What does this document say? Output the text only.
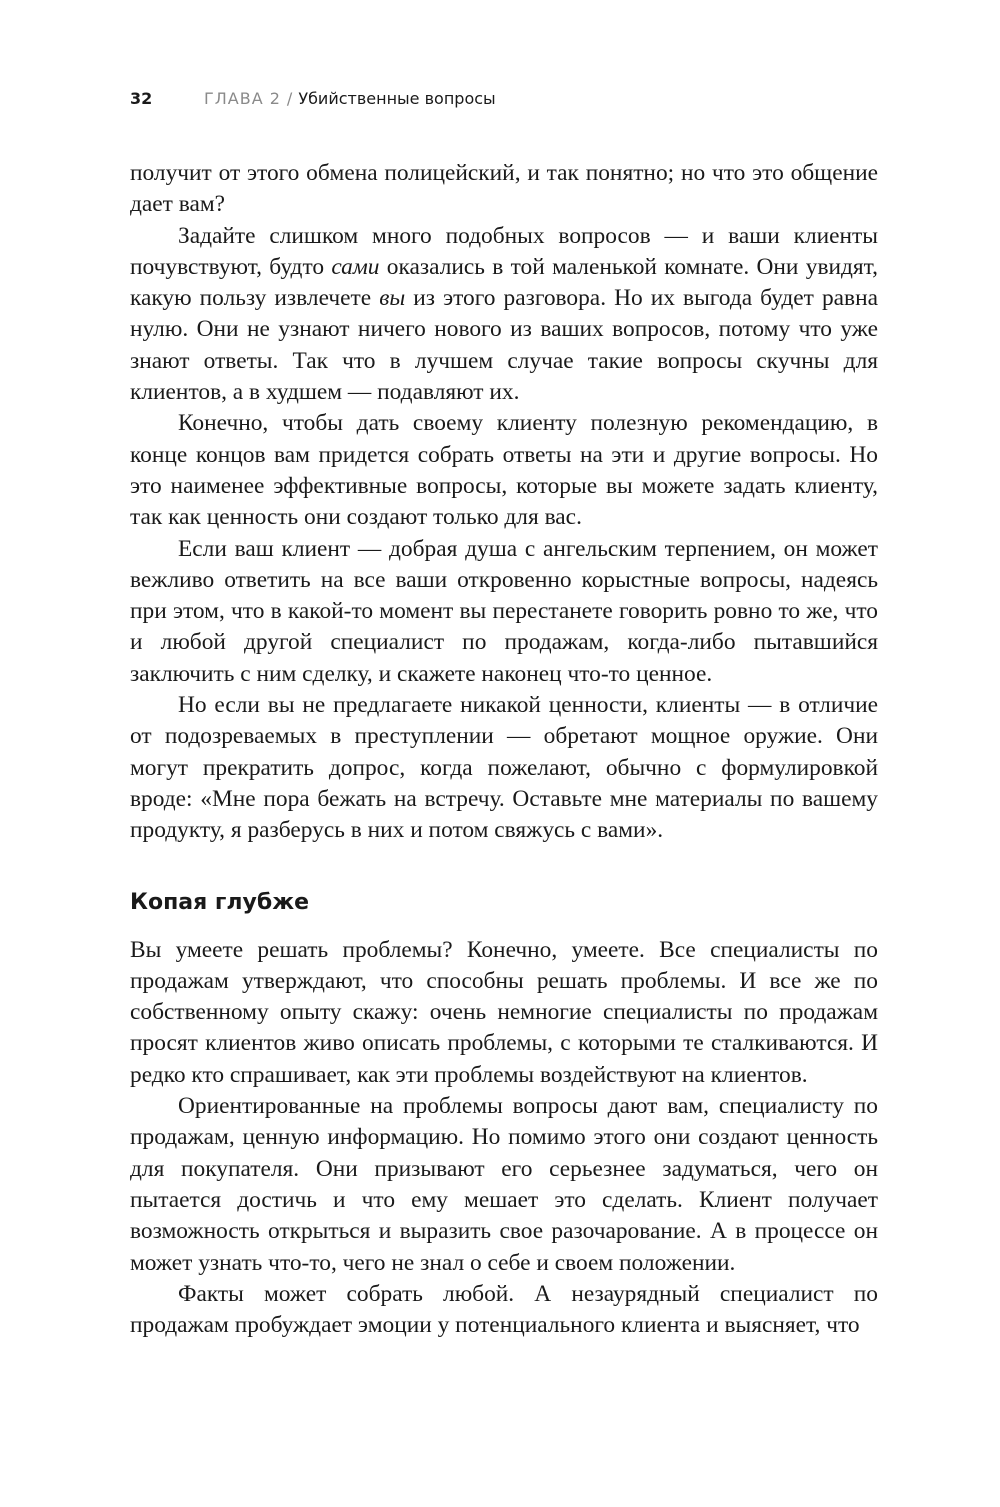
32	ГЛАВА 2 / Убийственные вопросы

получит от этого обмена полицейский, и так понятно; но что это общение дает вам?

Задайте слишком много подобных вопросов — и ваши клиенты почувствуют, будто сами оказались в той маленькой комнате. Они увидят, какую пользу извлечете вы из этого разговора. Но их выгода будет равна нулю. Они не узнают ничего нового из ваших вопросов, потому что уже знают ответы. Так что в лучшем случае такие вопросы скучны для клиентов, а в худшем — подавляют их.

Конечно, чтобы дать своему клиенту полезную рекомендацию, в конце концов вам придется собрать ответы на эти и другие вопросы. Но это наименее эффективные вопросы, которые вы можете задать клиенту, так как ценность они создают только для вас.

Если ваш клиент — добрая душа с ангельским терпением, он может вежливо ответить на все ваши откровенно корыстные вопросы, надеясь при этом, что в какой-то момент вы перестанете говорить ровно то же, что и любой другой специалист по продажам, когда-либо пытавшийся заключить с ним сделку, и скажете наконец что-то ценное.

Но если вы не предлагаете никакой ценности, клиенты — в отличие от подозреваемых в преступлении — обретают мощное оружие. Они могут прекратить допрос, когда пожелают, обычно с формулировкой вроде: «Мне пора бежать на встречу. Оставьте мне материалы по вашему продукту, я разберусь в них и потом свяжусь с вами».

Копая глубже

Вы умеете решать проблемы? Конечно, умеете. Все специалисты по продажам утверждают, что способны решать проблемы. И все же по собственному опыту скажу: очень немногие специалисты по продажам просят клиентов живо описать проблемы, с которыми те сталкиваются. И редко кто спрашивает, как эти проблемы воздействуют на клиентов.

Ориентированные на проблемы вопросы дают вам, специалисту по продажам, ценную информацию. Но помимо этого они создают ценность для покупателя. Они призывают его серьезнее задуматься, чего он пытается достичь и что ему мешает это сделать. Клиент получает возможность открыться и выразить свое разочарование. А в процессе он может узнать что-то, чего не знал о себе и своем положении.

Факты может собрать любой. А незаурядный специалист по продажам пробуждает эмоции у потенциального клиента и выясняет, что
